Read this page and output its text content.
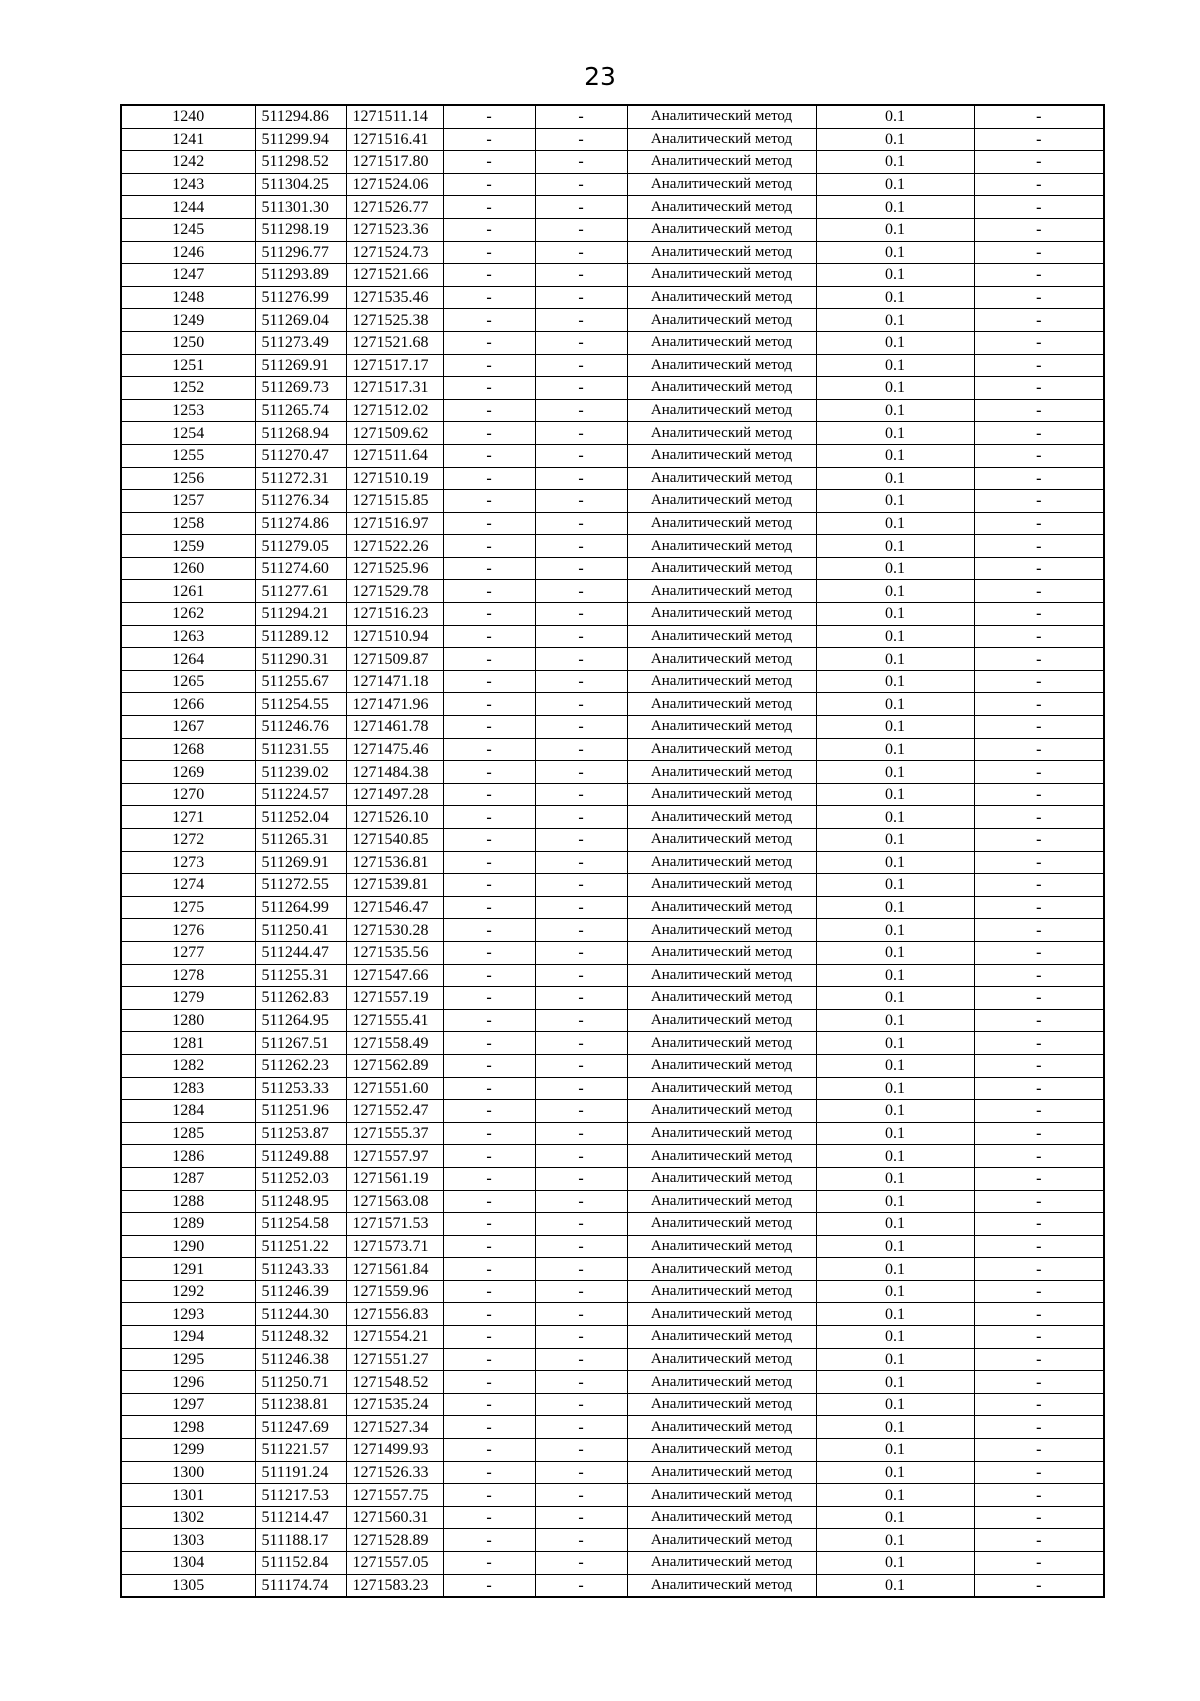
23
1240	511294.86	1271511.14	-	-	Аналитический метод	0.1	-
1241	511299.94	1271516.41	-	-	Аналитический метод	0.1	-
1242	511298.52	1271517.80	-	-	Аналитический метод	0.1	-
1243	511304.25	1271524.06	-	-	Аналитический метод	0.1	-
1244	511301.30	1271526.77	-	-	Аналитический метод	0.1	-
1245	511298.19	1271523.36	-	-	Аналитический метод	0.1	-
1246	511296.77	1271524.73	-	-	Аналитический метод	0.1	-
1247	511293.89	1271521.66	-	-	Аналитический метод	0.1	-
1248	511276.99	1271535.46	-	-	Аналитический метод	0.1	-
1249	511269.04	1271525.38	-	-	Аналитический метод	0.1	-
1250	511273.49	1271521.68	-	-	Аналитический метод	0.1	-
1251	511269.91	1271517.17	-	-	Аналитический метод	0.1	-
1252	511269.73	1271517.31	-	-	Аналитический метод	0.1	-
1253	511265.74	1271512.02	-	-	Аналитический метод	0.1	-
1254	511268.94	1271509.62	-	-	Аналитический метод	0.1	-
1255	511270.47	1271511.64	-	-	Аналитический метод	0.1	-
1256	511272.31	1271510.19	-	-	Аналитический метод	0.1	-
1257	511276.34	1271515.85	-	-	Аналитический метод	0.1	-
1258	511274.86	1271516.97	-	-	Аналитический метод	0.1	-
1259	511279.05	1271522.26	-	-	Аналитический метод	0.1	-
1260	511274.60	1271525.96	-	-	Аналитический метод	0.1	-
1261	511277.61	1271529.78	-	-	Аналитический метод	0.1	-
1262	511294.21	1271516.23	-	-	Аналитический метод	0.1	-
1263	511289.12	1271510.94	-	-	Аналитический метод	0.1	-
1264	511290.31	1271509.87	-	-	Аналитический метод	0.1	-
1265	511255.67	1271471.18	-	-	Аналитический метод	0.1	-
1266	511254.55	1271471.96	-	-	Аналитический метод	0.1	-
1267	511246.76	1271461.78	-	-	Аналитический метод	0.1	-
1268	511231.55	1271475.46	-	-	Аналитический метод	0.1	-
1269	511239.02	1271484.38	-	-	Аналитический метод	0.1	-
1270	511224.57	1271497.28	-	-	Аналитический метод	0.1	-
1271	511252.04	1271526.10	-	-	Аналитический метод	0.1	-
1272	511265.31	1271540.85	-	-	Аналитический метод	0.1	-
1273	511269.91	1271536.81	-	-	Аналитический метод	0.1	-
1274	511272.55	1271539.81	-	-	Аналитический метод	0.1	-
1275	511264.99	1271546.47	-	-	Аналитический метод	0.1	-
1276	511250.41	1271530.28	-	-	Аналитический метод	0.1	-
1277	511244.47	1271535.56	-	-	Аналитический метод	0.1	-
1278	511255.31	1271547.66	-	-	Аналитический метод	0.1	-
1279	511262.83	1271557.19	-	-	Аналитический метод	0.1	-
1280	511264.95	1271555.41	-	-	Аналитический метод	0.1	-
1281	511267.51	1271558.49	-	-	Аналитический метод	0.1	-
1282	511262.23	1271562.89	-	-	Аналитический метод	0.1	-
1283	511253.33	1271551.60	-	-	Аналитический метод	0.1	-
1284	511251.96	1271552.47	-	-	Аналитический метод	0.1	-
1285	511253.87	1271555.37	-	-	Аналитический метод	0.1	-
1286	511249.88	1271557.97	-	-	Аналитический метод	0.1	-
1287	511252.03	1271561.19	-	-	Аналитический метод	0.1	-
1288	511248.95	1271563.08	-	-	Аналитический метод	0.1	-
1289	511254.58	1271571.53	-	-	Аналитический метод	0.1	-
1290	511251.22	1271573.71	-	-	Аналитический метод	0.1	-
1291	511243.33	1271561.84	-	-	Аналитический метод	0.1	-
1292	511246.39	1271559.96	-	-	Аналитический метод	0.1	-
1293	511244.30	1271556.83	-	-	Аналитический метод	0.1	-
1294	511248.32	1271554.21	-	-	Аналитический метод	0.1	-
1295	511246.38	1271551.27	-	-	Аналитический метод	0.1	-
1296	511250.71	1271548.52	-	-	Аналитический метод	0.1	-
1297	511238.81	1271535.24	-	-	Аналитический метод	0.1	-
1298	511247.69	1271527.34	-	-	Аналитический метод	0.1	-
1299	511221.57	1271499.93	-	-	Аналитический метод	0.1	-
1300	511191.24	1271526.33	-	-	Аналитический метод	0.1	-
1301	511217.53	1271557.75	-	-	Аналитический метод	0.1	-
1302	511214.47	1271560.31	-	-	Аналитический метод	0.1	-
1303	511188.17	1271528.89	-	-	Аналитический метод	0.1	-
1304	511152.84	1271557.05	-	-	Аналитический метод	0.1	-
1305	511174.74	1271583.23	-	-	Аналитический метод	0.1	-
